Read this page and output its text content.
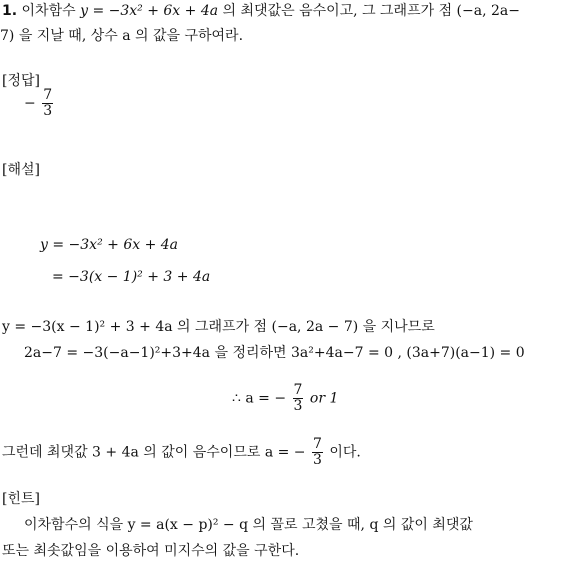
1. 이차함수 y = −3x² + 6x + 4a 의 최댓값은 음수이고, 그 그래프가 점 (−a, 2a−
7) 을 지날 때, 상수 a 의 값을 구하여라.
[정답]
− $\frac{7}{3}$
[해설]
y = −3x² + 6x + 4a
= −3(x − 1)² + 3 + 4a
y = −3(x − 1)² + 3 + 4a 의 그래프가 점 (−a, 2a − 7) 을 지나므로
2a−7 = −3(−a−1)²+3+4a 을 정리하면 3a²+4a−7 = 0 , (3a+7)(a−1) = 0
∴ a = − $\frac{7}{3}$ or 1
그런데 최댓값 3 + 4a 의 값이 음수이므로 a = − $\frac{7}{3}$ 이다.
[힌트]
이차함수의 식을 y = a(x − p)² − q 의 꼴로 고쳤을 때, q 의 값이 최댓값
또는 최솟값임을 이용하여 미지수의 값을 구한다.
